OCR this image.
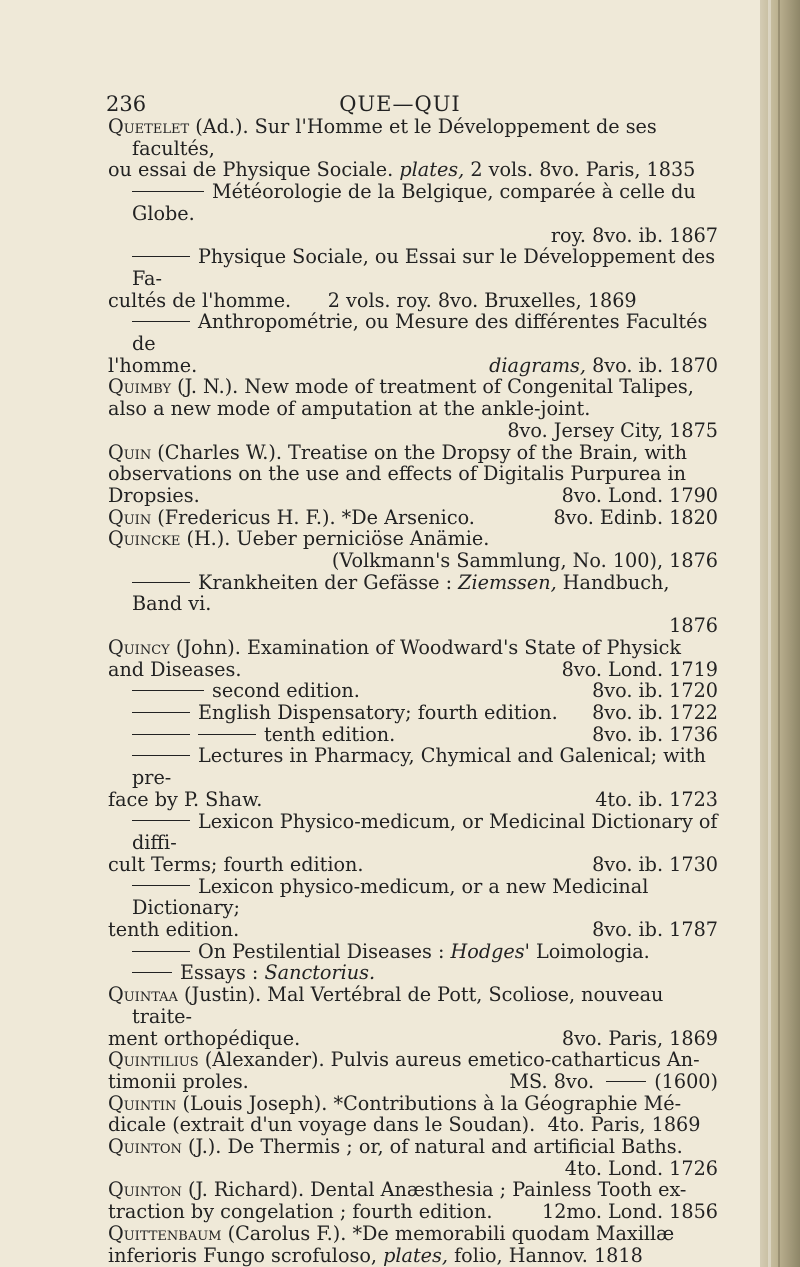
236	QUE—QUI
Quetelet (Ad.). Sur l'Homme et le Développement de ses facultés,
ou essai de Physique Sociale. plates, 2 vols. 8vo. Paris, 1835
Météorologie de la Belgique, comparée à celle du Globe.
roy. 8vo. ib. 1867
Physique Sociale, ou Essai sur le Développement des Fa-
cultés de l'homme.      2 vols. roy. 8vo. Bruxelles, 1869
Anthropométrie, ou Mesure des différentes Facultés de
l'homme.	diagrams, 8vo. ib. 1870
Quimby (J. N.). New mode of treatment of Congenital Talipes,
also a new mode of amputation at the ankle-joint.
8vo. Jersey City, 1875
Quin (Charles W.). Treatise on the Dropsy of the Brain, with
observations on the use and effects of Digitalis Purpurea in
Dropsies.	8vo. Lond. 1790
Quin (Fredericus H. F.). *De Arsenico.	8vo. Edinb. 1820
Quincke (H.). Ueber perniciöse Anämie.
(Volkmann's Sammlung, No. 100), 1876
Krankheiten der Gefässe : Ziemssen, Handbuch, Band vi.
1876
Quincy (John). Examination of Woodward's State of Physick
and Diseases.	8vo. Lond. 1719
second edition.	8vo. ib. 1720
English Dispensatory; fourth edition. 8vo. ib. 1722
tenth edition.	8vo. ib. 1736
Lectures in Pharmacy, Chymical and Galenical; with pre-
face by P. Shaw.	4to. ib. 1723
Lexicon Physico-medicum, or Medicinal Dictionary of diffi-
cult Terms; fourth edition.	8vo. ib. 1730
Lexicon physico-medicum, or a new Medicinal Dictionary;
tenth edition.	8vo. ib. 1787
On Pestilential Diseases : Hodges' Loimologia.
Essays : Sanctorius.
Quintaa (Justin). Mal Vertébral de Pott, Scoliose, nouveau traite-
ment orthopédique.	8vo. Paris, 1869
Quintilius (Alexander). Pulvis aureus emetico-catharticus An-
timonii proles.	MS. 8vo.	(1600)
Quintin (Louis Joseph). *Contributions à la Géographie Mé-
dicale (extrait d'un voyage dans le Soudan).  4to. Paris, 1869
Quinton (J.). De Thermis ; or, of natural and artificial Baths.
4to. Lond. 1726
Quinton (J. Richard). Dental Anæsthesia ; Painless Tooth ex-
traction by congelation ; fourth edition.	12mo. Lond. 1856
Quittenbaum (Carolus F.). *De memorabili quodam Maxillæ
inferioris Fungo scrofuloso, plates, folio, Hannov. 1818
